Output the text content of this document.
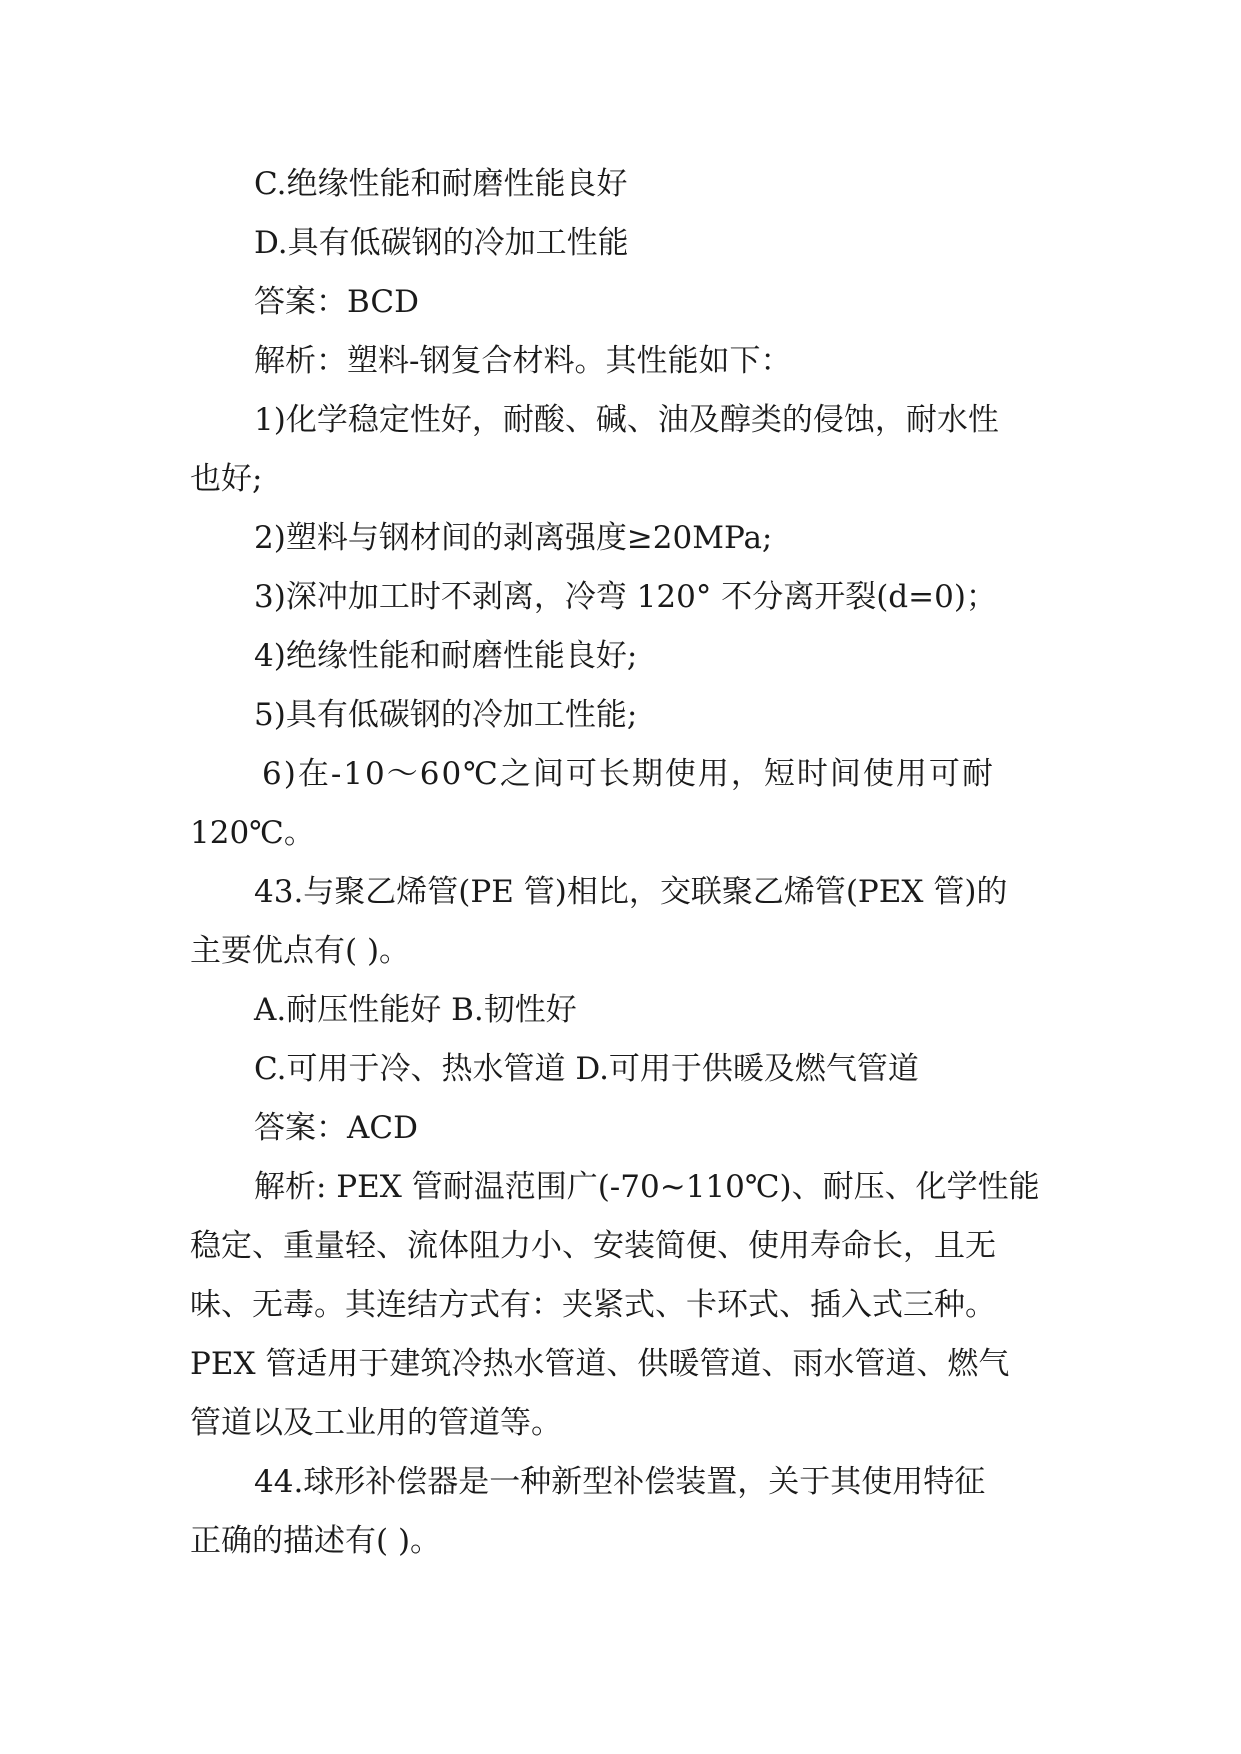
C.绝缘性能和耐磨性能良好
D.具有低碳钢的冷加工性能
答案：BCD
解析：塑料-钢复合材料。其性能如下：
1)化学稳定性好，耐酸、碱、油及醇类的侵蚀，耐水性
也好;
2)塑料与钢材间的剥离强度≥20MPa;
3)深冲加工时不剥离，冷弯 120° 不分离开裂(d=0)；
4)绝缘性能和耐磨性能良好;
5)具有低碳钢的冷加工性能;
6)在-10～60℃之间可长期使用，短时间使用可耐
120℃。
43.与聚乙烯管(PE 管)相比，交联聚乙烯管(PEX 管)的
主要优点有( )。
A.耐压性能好 B.韧性好
C.可用于冷、热水管道 D.可用于供暖及燃气管道
答案：ACD
解析: PEX 管耐温范围广(-70~110℃)、耐压、化学性能
稳定、重量轻、流体阻力小、安装简便、使用寿命长，且无
味、无毒。其连结方式有：夹紧式、卡环式、插入式三种。
PEX 管适用于建筑冷热水管道、供暖管道、雨水管道、燃气
管道以及工业用的管道等。
44.球形补偿器是一种新型补偿装置，关于其使用特征
正确的描述有( )。
